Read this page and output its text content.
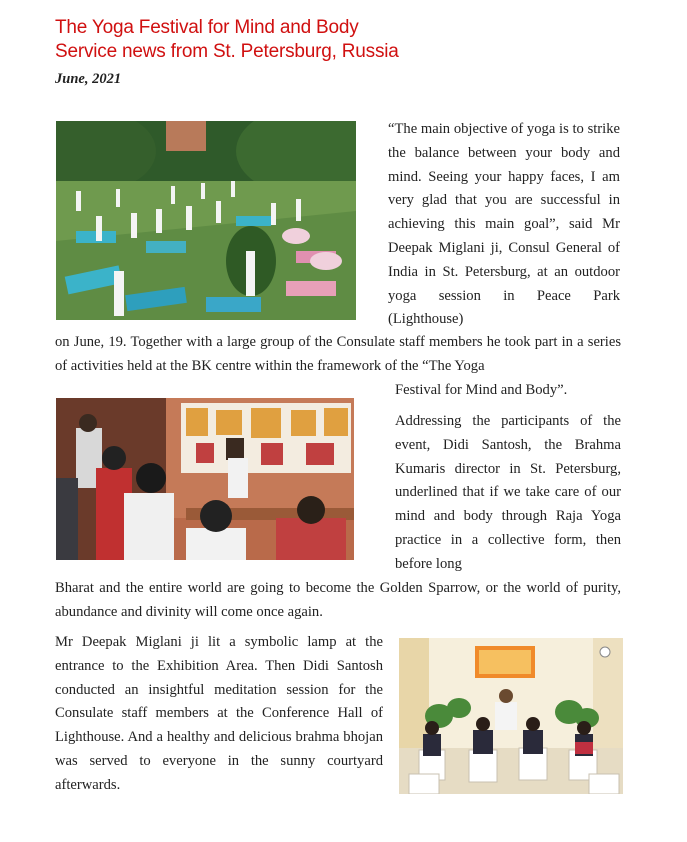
The Yoga Festival for Mind and Body
Service news from St. Petersburg, Russia
June, 2021
“The main objective of yoga is to strike the balance between your body and mind. Seeing your happy faces, I am very glad that you are successful in achieving this main goal”, said Mr Deepak Miglani ji, Consul General of India in St. Petersburg, at an outdoor yoga session in Peace Park (Lighthouse)
on June, 19. Together with a large group of the Consulate staff members he took part in a series of activities held at the BK centre within the framework of the “The Yoga
Festival for Mind and Body”.
Addressing the participants of the event, Didi Santosh, the Brahma Kumaris director in St. Petersburg, underlined that if we take care of our mind and body through Raja Yoga practice in a collective form, then before long
Bharat and the entire world are going to become the Golden Sparrow, or the world of purity, abundance and divinity will come once again.
Mr Deepak Miglani ji lit a symbolic lamp at the entrance to the Exhibition Area. Then Didi Santosh conducted an insightful meditation session for the Consulate staff members at the Conference Hall of Lighthouse. And a healthy and delicious brahma bhojan was served to everyone in the sunny courtyard afterwards.
